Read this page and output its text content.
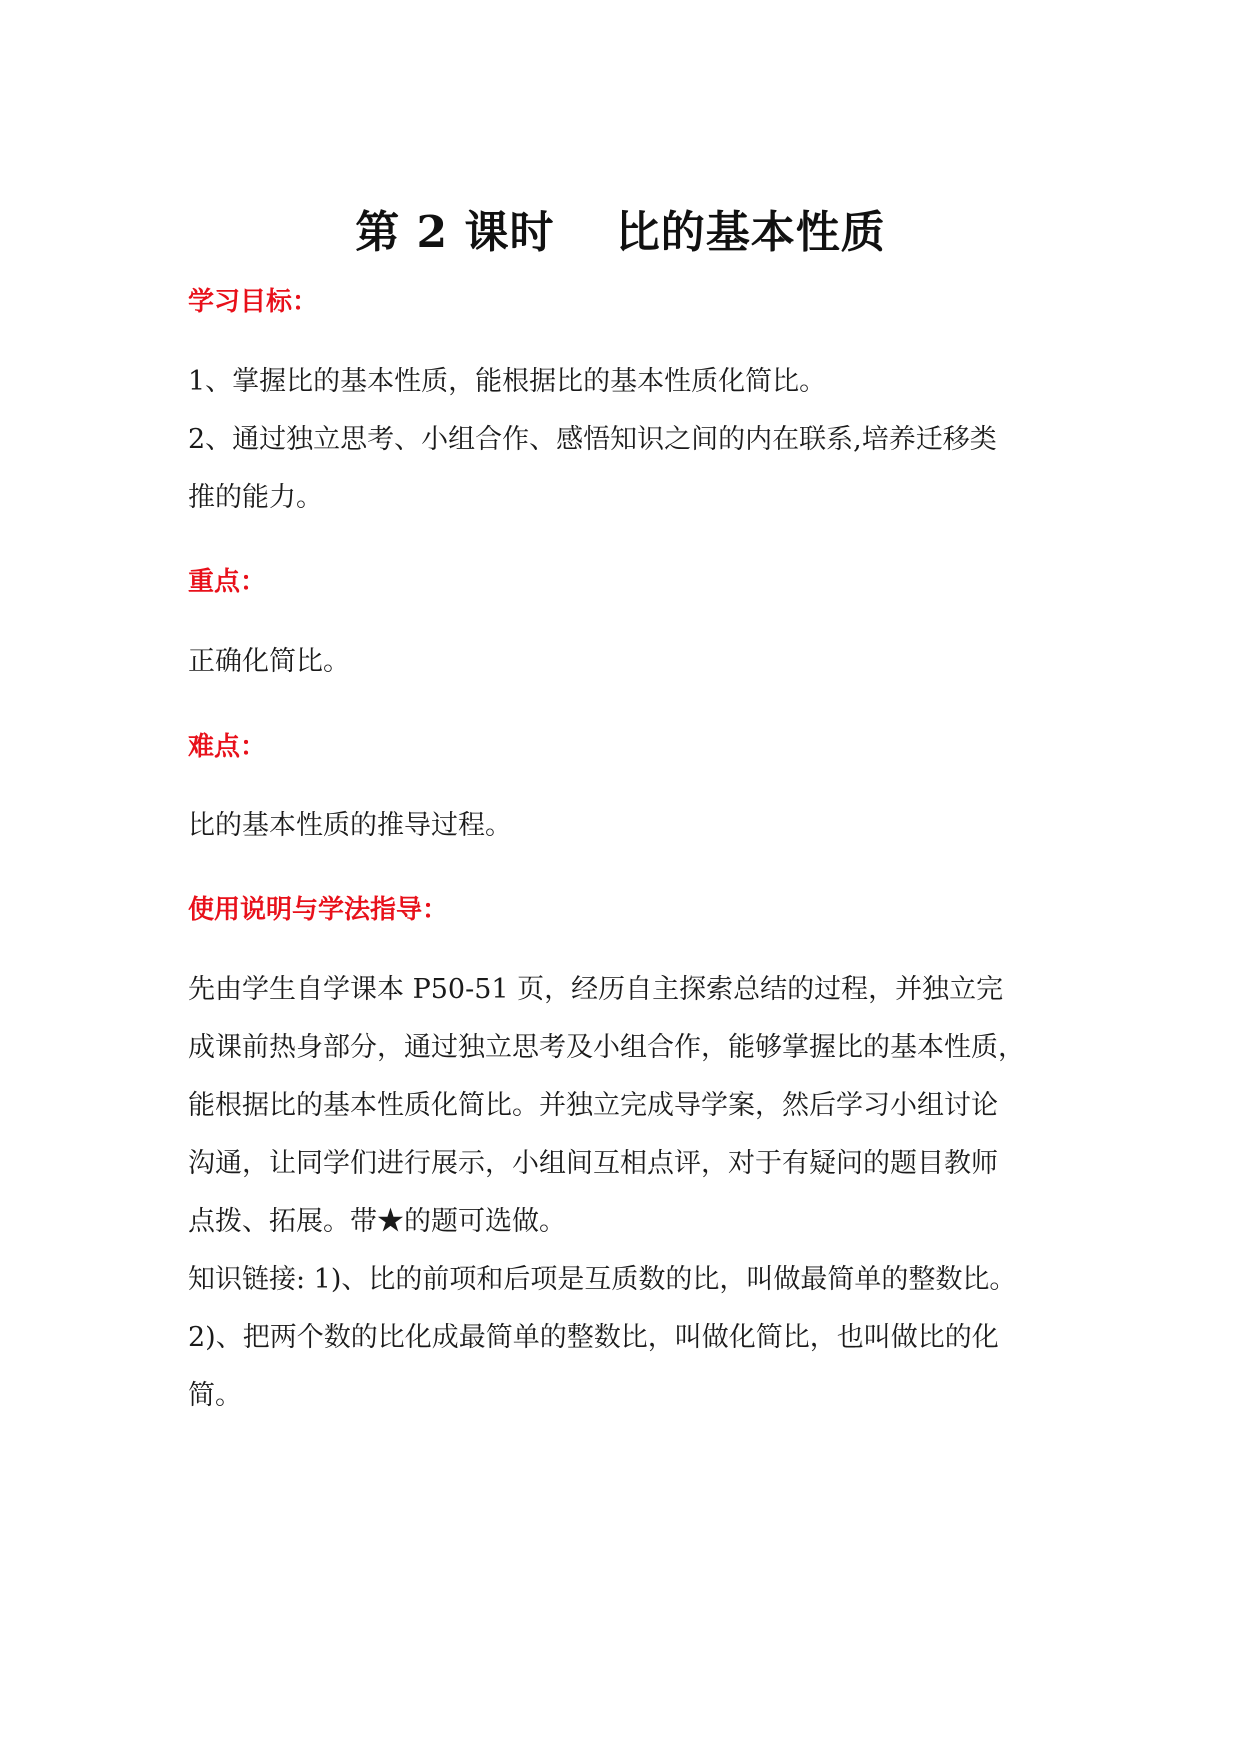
第 2 课时　 比的基本性质
学习目标：
1、掌握比的基本性质，能根据比的基本性质化简比。
2、通过独立思考、小组合作、感悟知识之间的内在联系,培养迁移类
推的能力。
重点：
正确化简比。
难点：
比的基本性质的推导过程。
使用说明与学法指导：
先由学生自学课本 P50-51 页，经历自主探索总结的过程，并独立完
成课前热身部分，通过独立思考及小组合作，能够掌握比的基本性质，
能根据比的基本性质化简比。并独立完成导学案，然后学习小组讨论
沟通，让同学们进行展示，小组间互相点评，对于有疑问的题目教师
点拨、拓展。带★的题可选做。
知识链接: 1)、比的前项和后项是互质数的比，叫做最简单的整数比。
2)、把两个数的比化成最简单的整数比，叫做化简比，也叫做比的化
简。
